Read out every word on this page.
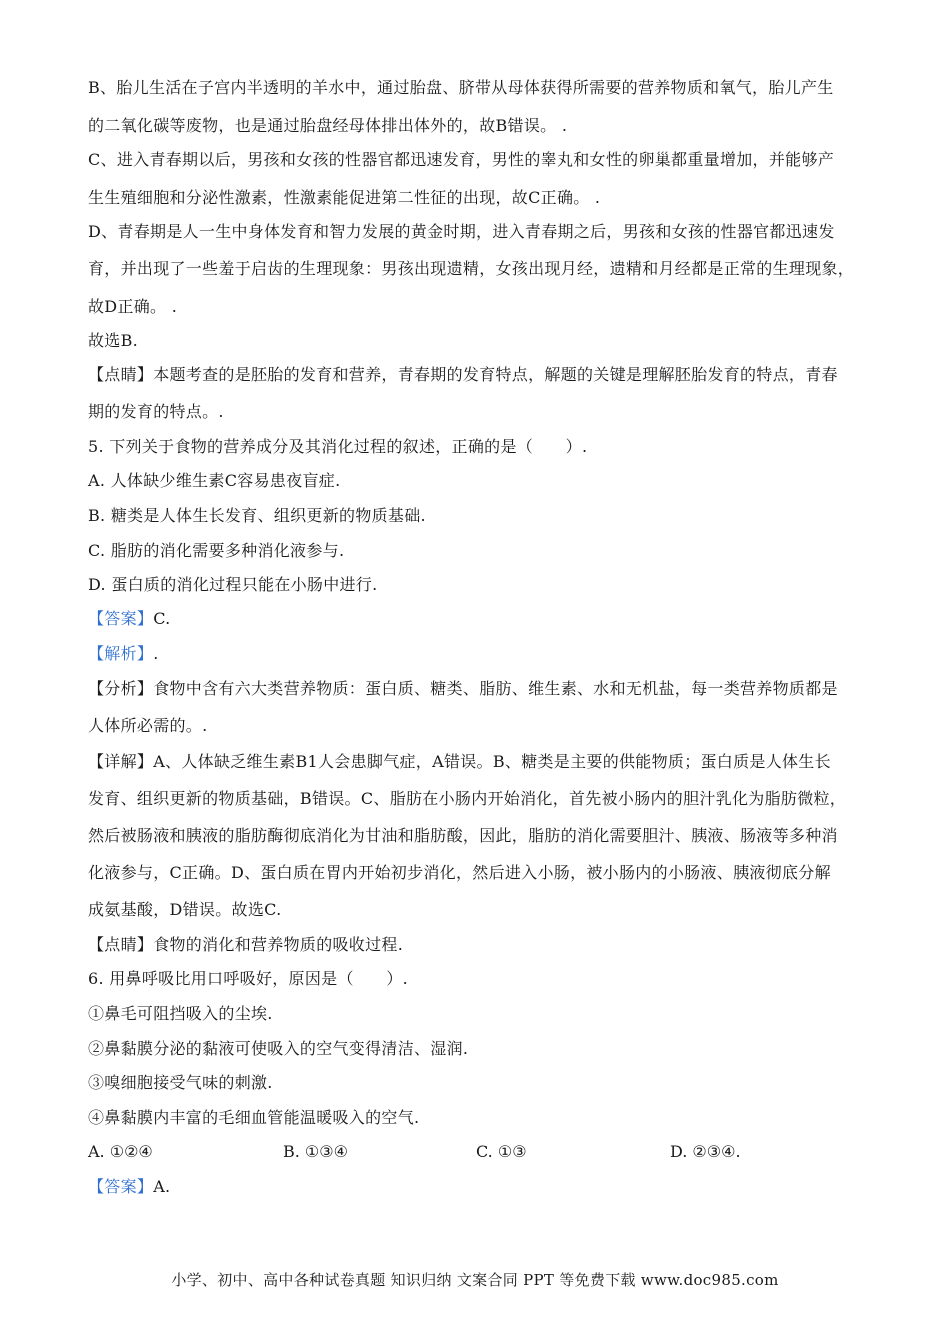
B、胎儿生活在子宫内半透明的羊水中，通过胎盘、脐带从母体获得所需要的营养物质和氧气，胎儿产生
的二氧化碳等废物，也是通过胎盘经母体排出体外的，故B错误。 .
C、进入青春期以后，男孩和女孩的性器官都迅速发育，男性的睾丸和女性的卵巢都重量增加，并能够产
生生殖细胞和分泌性激素，性激素能促进第二性征的出现，故C正确。 .
D、青春期是人一生中身体发育和智力发展的黄金时期，进入青春期之后，男孩和女孩的性器官都迅速发
育，并出现了一些羞于启齿的生理现象：男孩出现遗精，女孩出现月经，遗精和月经都是正常的生理现象，
故D正确。 .
故选B.
【点睛】本题考查的是胚胎的发育和营养，青春期的发育特点，解题的关键是理解胚胎发育的特点，青春
期的发育的特点。.
5. 下列关于食物的营养成分及其消化过程的叙述，正确的是（　　）.
A. 人体缺少维生素C容易患夜盲症.
B. 糖类是人体生长发育、组织更新的物质基础.
C. 脂肪的消化需要多种消化液参与.
D. 蛋白质的消化过程只能在小肠中进行.
【答案】C.
【解析】.
【分析】食物中含有六大类营养物质：蛋白质、糖类、脂肪、维生素、水和无机盐，每一类营养物质都是
人体所必需的。.
【详解】A、人体缺乏维生素B1人会患脚气症，A错误。B、糖类是主要的供能物质；蛋白质是人体生长
发育、组织更新的物质基础，B错误。C、脂肪在小肠内开始消化，首先被小肠内的胆汁乳化为脂肪微粒，
然后被肠液和胰液的脂肪酶彻底消化为甘油和脂肪酸，因此，脂肪的消化需要胆汁、胰液、肠液等多种消
化液参与，C正确。D、蛋白质在胃内开始初步消化，然后进入小肠，被小肠内的小肠液、胰液彻底分解
成氨基酸，D错误。故选C.
【点睛】食物的消化和营养物质的吸收过程.
6. 用鼻呼吸比用口呼吸好，原因是（　　）.
①鼻毛可阻挡吸入的尘埃.
②鼻黏膜分泌的黏液可使吸入的空气变得清洁、湿润.
③嗅细胞接受气味的刺激.
④鼻黏膜内丰富的毛细血管能温暖吸入的空气.
A. ①②④	B. ①③④	C. ①③	D. ②③④.
【答案】A.
小学、初中、高中各种试卷真题 知识归纳 文案合同 PPT 等免费下载 www.doc985.com
